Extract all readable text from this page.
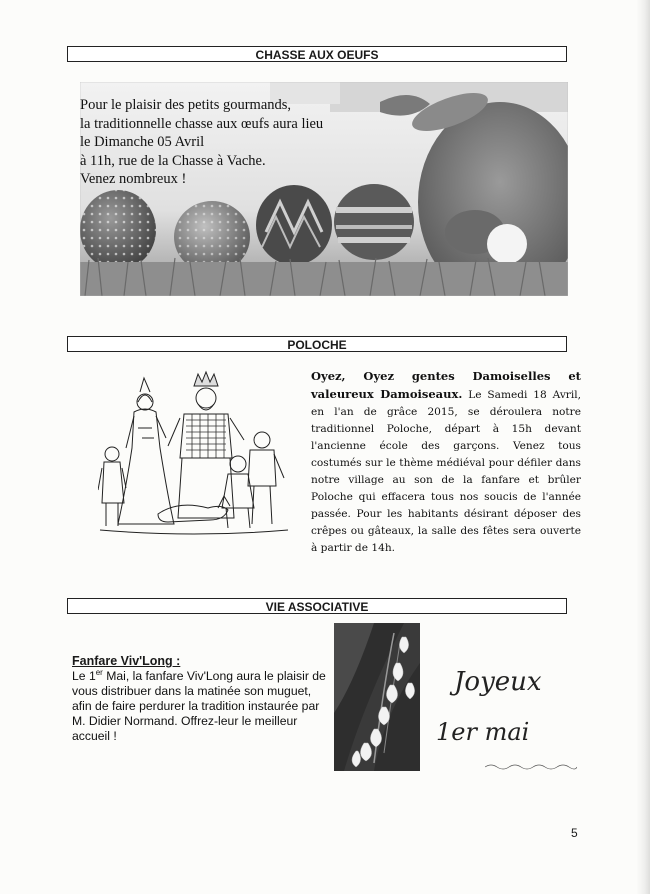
CHASSE AUX OEUFS
Pour le plaisir des petits gourmands,
la traditionnelle chasse aux œufs aura lieu
le Dimanche 05 Avril
à 11h, rue de la Chasse à Vache.
Venez nombreux !
POLOCHE
Oyez, Oyez gentes Damoiselles et valeureux Damoiseaux. Le Samedi 18 Avril, en l'an de grâce 2015, se déroulera notre traditionnel Poloche, départ à 15h devant l'ancienne école des garçons. Venez tous costumés sur le thème médiéval pour défiler dans notre village au son de la fanfare et brûler Poloche qui effacera tous nos soucis de l'année passée. Pour les habitants désirant déposer des crêpes ou gâteaux, la salle des fêtes sera ouverte à partir de 14h.
VIE ASSOCIATIVE
Fanfare Viv'Long :
Le 1er Mai, la fanfare Viv'Long aura le plaisir de vous distribuer dans la matinée son muguet, afin de faire perdurer la tradition instaurée par M. Didier Normand. Offrez-leur le meilleur accueil !
Joyeux
1er mai
5
